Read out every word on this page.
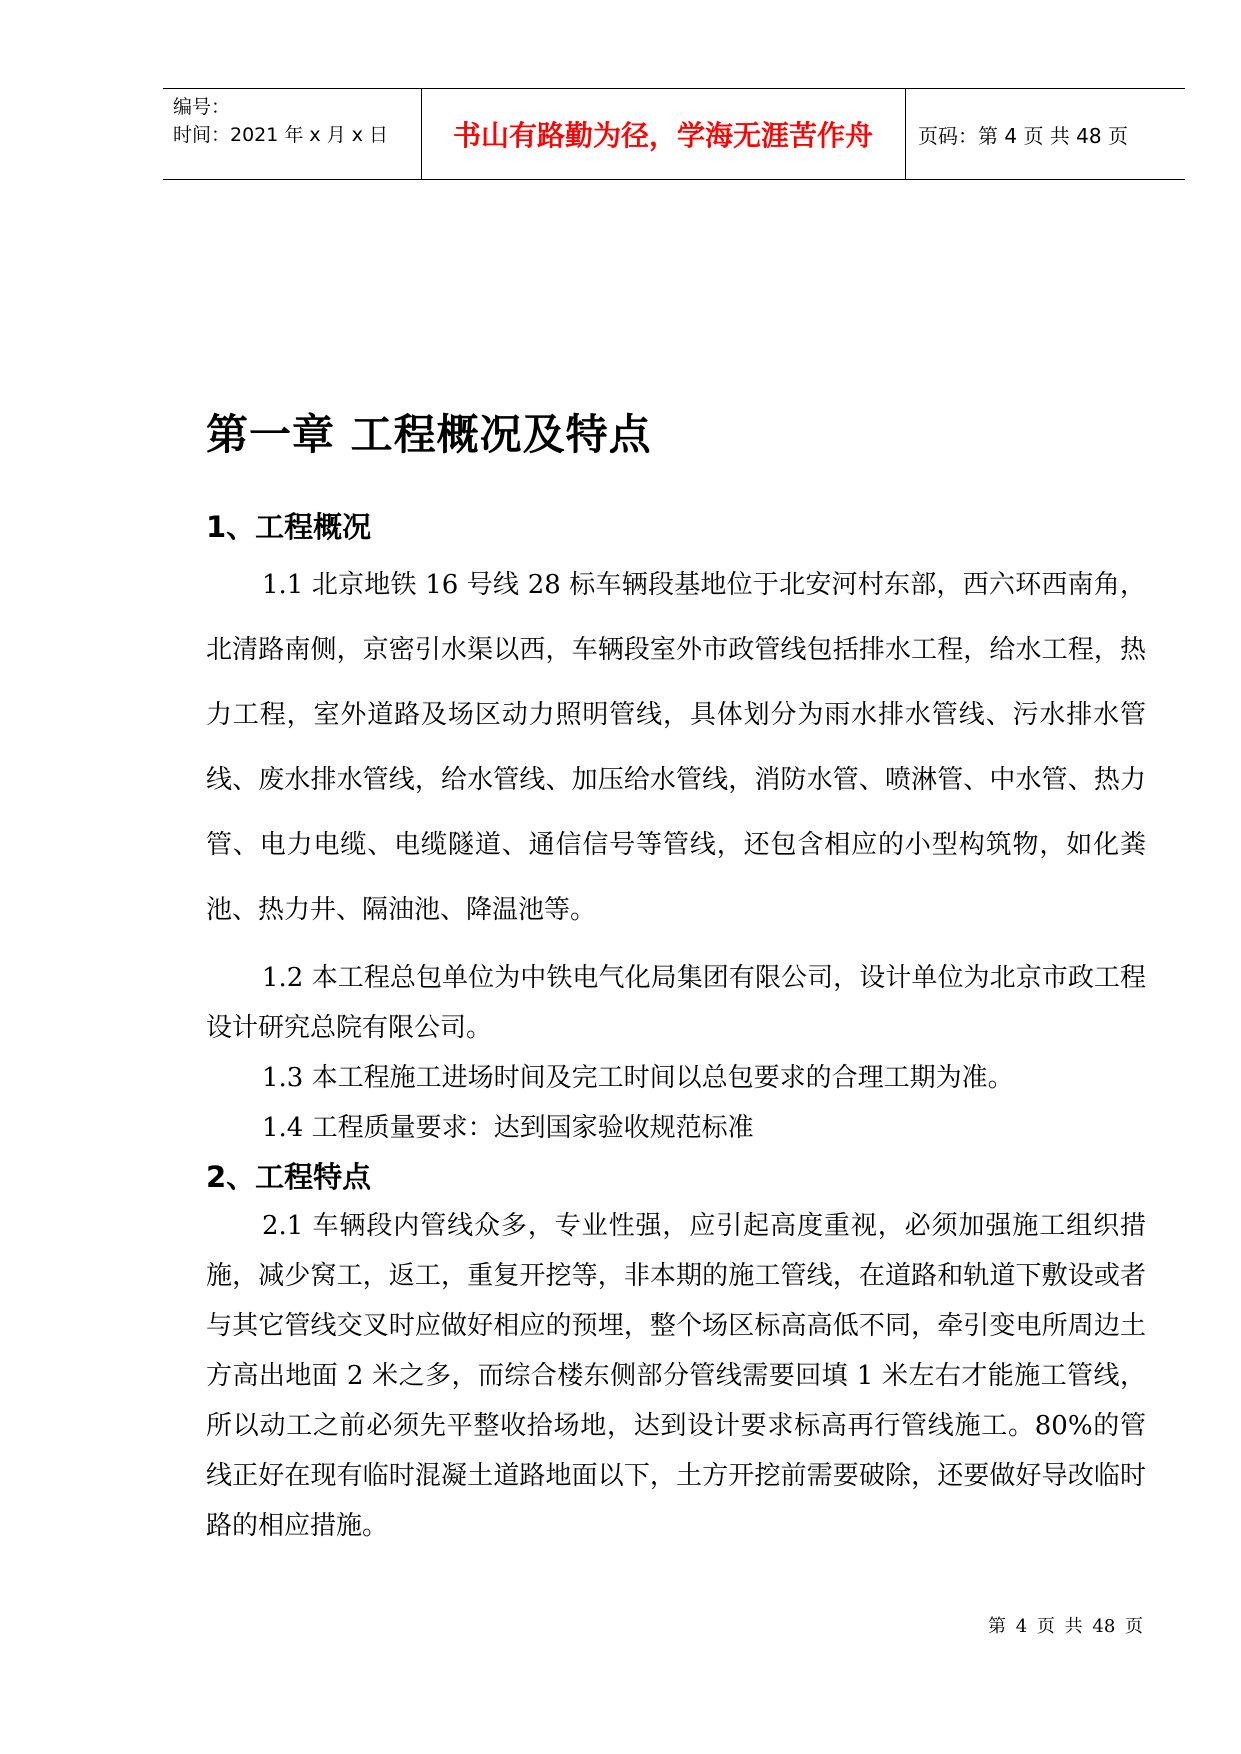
编号：
时间：2021 年 x 月 x 日	书山有路勤为径，学海无涯苦作舟	页码：第 4 页 共 48 页
第一章 工程概况及特点
1、工程概况

1.1 北京地铁 16 号线 28 标车辆段基地位于北安河村东部，西六环西南角，北清路南侧，京密引水渠以西，车辆段室外市政管线包括排水工程，给水工程，热力工程，室外道路及场区动力照明管线，具体划分为雨水排水管线、污水排水管线、废水排水管线，给水管线、加压给水管线，消防水管、喷淋管、中水管、热力管、电力电缆、电缆隧道、通信信号等管线，还包含相应的小型构筑物，如化粪池、热力井、隔油池、降温池等。

1.2 本工程总包单位为中铁电气化局集团有限公司，设计单位为北京市政工程设计研究总院有限公司。

1.3 本工程施工进场时间及完工时间以总包要求的合理工期为准。

1.4 工程质量要求：达到国家验收规范标准

2、工程特点

2.1 车辆段内管线众多，专业性强，应引起高度重视，必须加强施工组织措施，减少窝工，返工，重复开挖等，非本期的施工管线，在道路和轨道下敷设或者与其它管线交叉时应做好相应的预埋，整个场区标高高低不同，牵引变电所周边土方高出地面 2 米之多，而综合楼东侧部分管线需要回填 1 米左右才能施工管线，所以动工之前必须先平整收拾场地，达到设计要求标高再行管线施工。80%的管线正好在现有临时混凝土道路地面以下，土方开挖前需要破除，还要做好导改临时路的相应措施。

第 4 页 共 48 页
